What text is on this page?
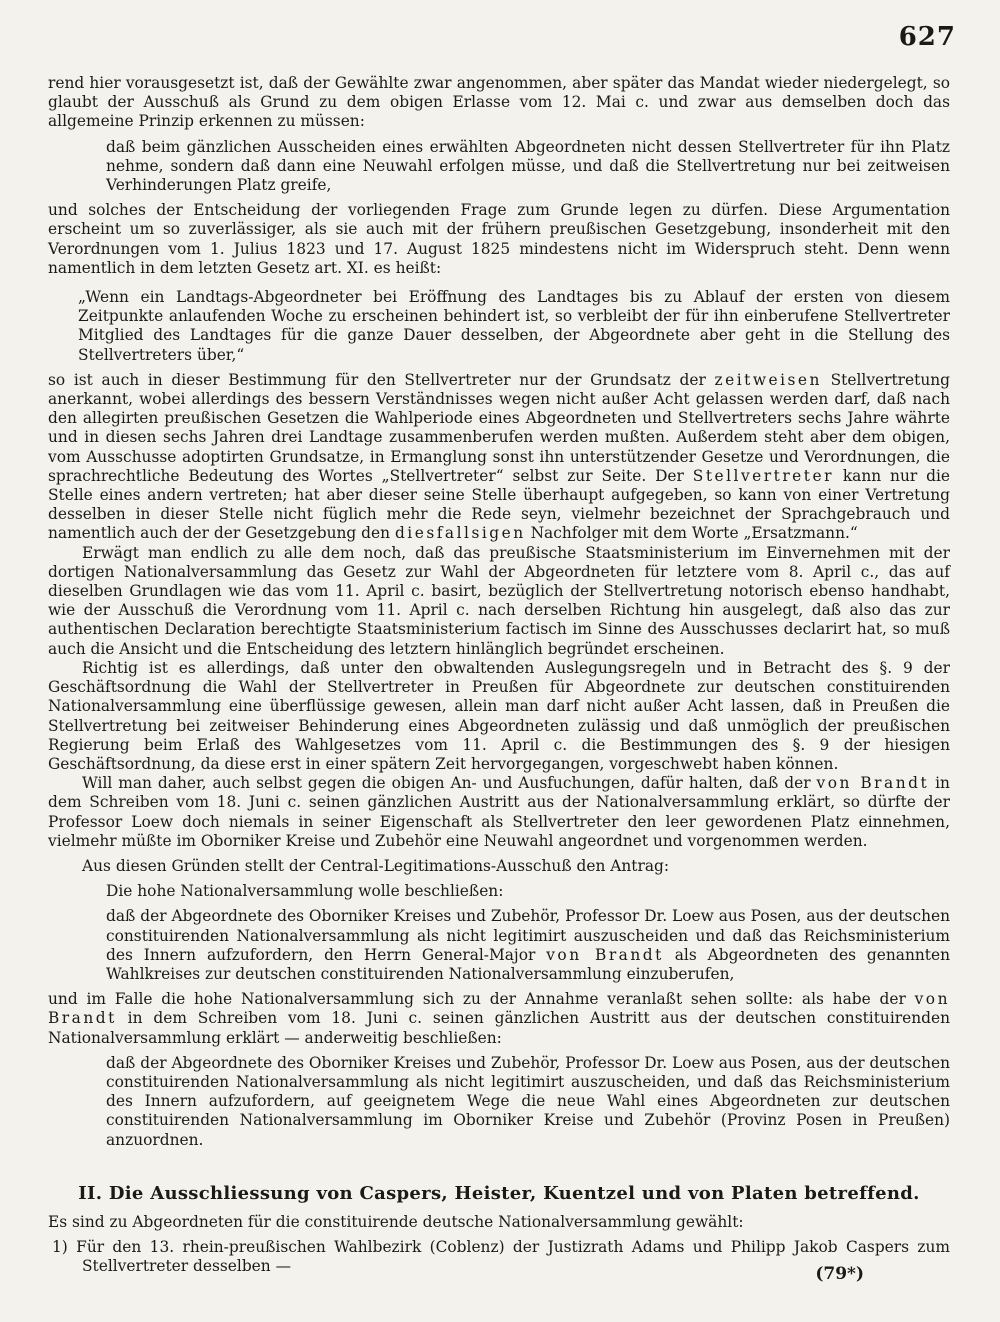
627

rend hier vorausgesetzt ist, daß der Gewählte zwar angenommen, aber später das Mandat wieder niedergelegt, so glaubt der Ausschuß als Grund zu dem obigen Erlasse vom 12. Mai c. und zwar aus demselben doch das allgemeine Prinzip erkennen zu müssen:

daß beim gänzlichen Ausscheiden eines erwählten Abgeordneten nicht dessen Stellvertreter für ihn Platz nehme, sondern daß dann eine Neuwahl erfolgen müsse, und daß die Stellvertretung nur bei zeitweisen Verhinderungen Platz greife,

und solches der Entscheidung der vorliegenden Frage zum Grunde legen zu dürfen. Diese Argumentation erscheint um so zuverlässiger, als sie auch mit der frühern preußischen Gesetzgebung, insonderheit mit den Verordnungen vom 1. Julius 1823 und 17. August 1825 mindestens nicht im Widerspruch steht. Denn wenn namentlich in dem letzten Gesetz art. XI. es heißt:

„Wenn ein Landtags-Abgeordneter bei Eröffnung des Landtages bis zu Ablauf der ersten von diesem Zeitpunkte anlaufenden Woche zu erscheinen behindert ist, so verbleibt der für ihn einberufene Stellvertreter Mitglied des Landtages für die ganze Dauer desselben, der Abgeordnete aber geht in die Stellung des Stellvertreters über,“

so ist auch in dieser Bestimmung für den Stellvertreter nur der Grundsatz der zeitweisen Stellvertretung anerkannt, wobei allerdings des bessern Verständnisses wegen nicht außer Acht gelassen werden darf, daß nach den allegirten preußischen Gesetzen die Wahlperiode eines Abgeordneten und Stellvertreters sechs Jahre währte und in diesen sechs Jahren drei Landtage zusammenberufen werden mußten. Außerdem steht aber dem obigen, vom Ausschusse adoptirten Grundsatze, in Ermanglung sonst ihn unterstützender Gesetze und Verordnungen, die sprachrechtliche Bedeutung des Wortes „Stellvertreter“ selbst zur Seite. Der Stellvertreter kann nur die Stelle eines andern vertreten; hat aber dieser seine Stelle überhaupt aufgegeben, so kann von einer Vertretung desselben in dieser Stelle nicht füglich mehr die Rede seyn, vielmehr bezeichnet der Sprachgebrauch und namentlich auch der der Gesetzgebung den diesfallsigen Nachfolger mit dem Worte „Ersatzmann.“

Erwägt man endlich zu alle dem noch, daß das preußische Staatsministerium im Einvernehmen mit der dortigen Nationalversammlung das Gesetz zur Wahl der Abgeordneten für letztere vom 8. April c., das auf dieselben Grundlagen wie das vom 11. April c. basirt, bezüglich der Stellvertretung notorisch ebenso handhabt, wie der Ausschuß die Verordnung vom 11. April c. nach derselben Richtung hin ausgelegt, daß also das zur authentischen Declaration berechtigte Staatsministerium factisch im Sinne des Ausschusses declarirt hat, so muß auch die Ansicht und die Entscheidung des letztern hinlänglich begründet erscheinen.

Richtig ist es allerdings, daß unter den obwaltenden Auslegungsregeln und in Betracht des §. 9 der Geschäftsordnung die Wahl der Stellvertreter in Preußen für Abgeordnete zur deutschen constituirenden Nationalversammlung eine überflüssige gewesen, allein man darf nicht außer Acht lassen, daß in Preußen die Stellvertretung bei zeitweiser Behinderung eines Abgeordneten zulässig und daß unmöglich der preußischen Regierung beim Erlaß des Wahlgesetzes vom 11. April c. die Bestimmungen des §. 9 der hiesigen Geschäftsordnung, da diese erst in einer spätern Zeit hervorgegangen, vorgeschwebt haben können.

Will man daher, auch selbst gegen die obigen An- und Ausfuchungen, dafür halten, daß der von Brandt in dem Schreiben vom 18. Juni c. seinen gänzlichen Austritt aus der Nationalversammlung erklärt, so dürfte der Professor Loew doch niemals in seiner Eigenschaft als Stellvertreter den leer gewordenen Platz einnehmen, vielmehr müßte im Oborniker Kreise und Zubehör eine Neuwahl angeordnet und vorgenommen werden.

Aus diesen Gründen stellt der Central-Legitimations-Ausschuß den Antrag:

Die hohe Nationalversammlung wolle beschließen:

daß der Abgeordnete des Oborniker Kreises und Zubehör, Professor Dr. Loew aus Posen, aus der deutschen constituirenden Nationalversammlung als nicht legitimirt auszuscheiden und daß das Reichsministerium des Innern aufzufordern, den Herrn General-Major von Brandt als Abgeordneten des genannten Wahlkreises zur deutschen constituirenden Nationalversammlung einzuberufen,

und im Falle die hohe Nationalversammlung sich zu der Annahme veranlaßt sehen sollte: als habe der von Brandt in dem Schreiben vom 18. Juni c. seinen gänzlichen Austritt aus der deutschen constituirenden Nationalversammlung erklärt — anderweitig beschließen:

daß der Abgeordnete des Oborniker Kreises und Zubehör, Professor Dr. Loew aus Posen, aus der deutschen constituirenden Nationalversammlung als nicht legitimirt auszuscheiden, und daß das Reichsministerium des Innern aufzufordern, auf geeignetem Wege die neue Wahl eines Abgeordneten zur deutschen constituirenden Nationalversammlung im Oborniker Kreise und Zubehör (Provinz Posen in Preußen) anzuordnen.

II. Die Ausschliessung von Caspers, Heister, Kuentzel und von Platen betreffend.

Es sind zu Abgeordneten für die constituirende deutsche Nationalversammlung gewählt:

1) Für den 13. rhein-preußischen Wahlbezirk (Coblenz) der Justizrath Adams und Philipp Jakob Caspers zum Stellvertreter desselben —	(79*)
